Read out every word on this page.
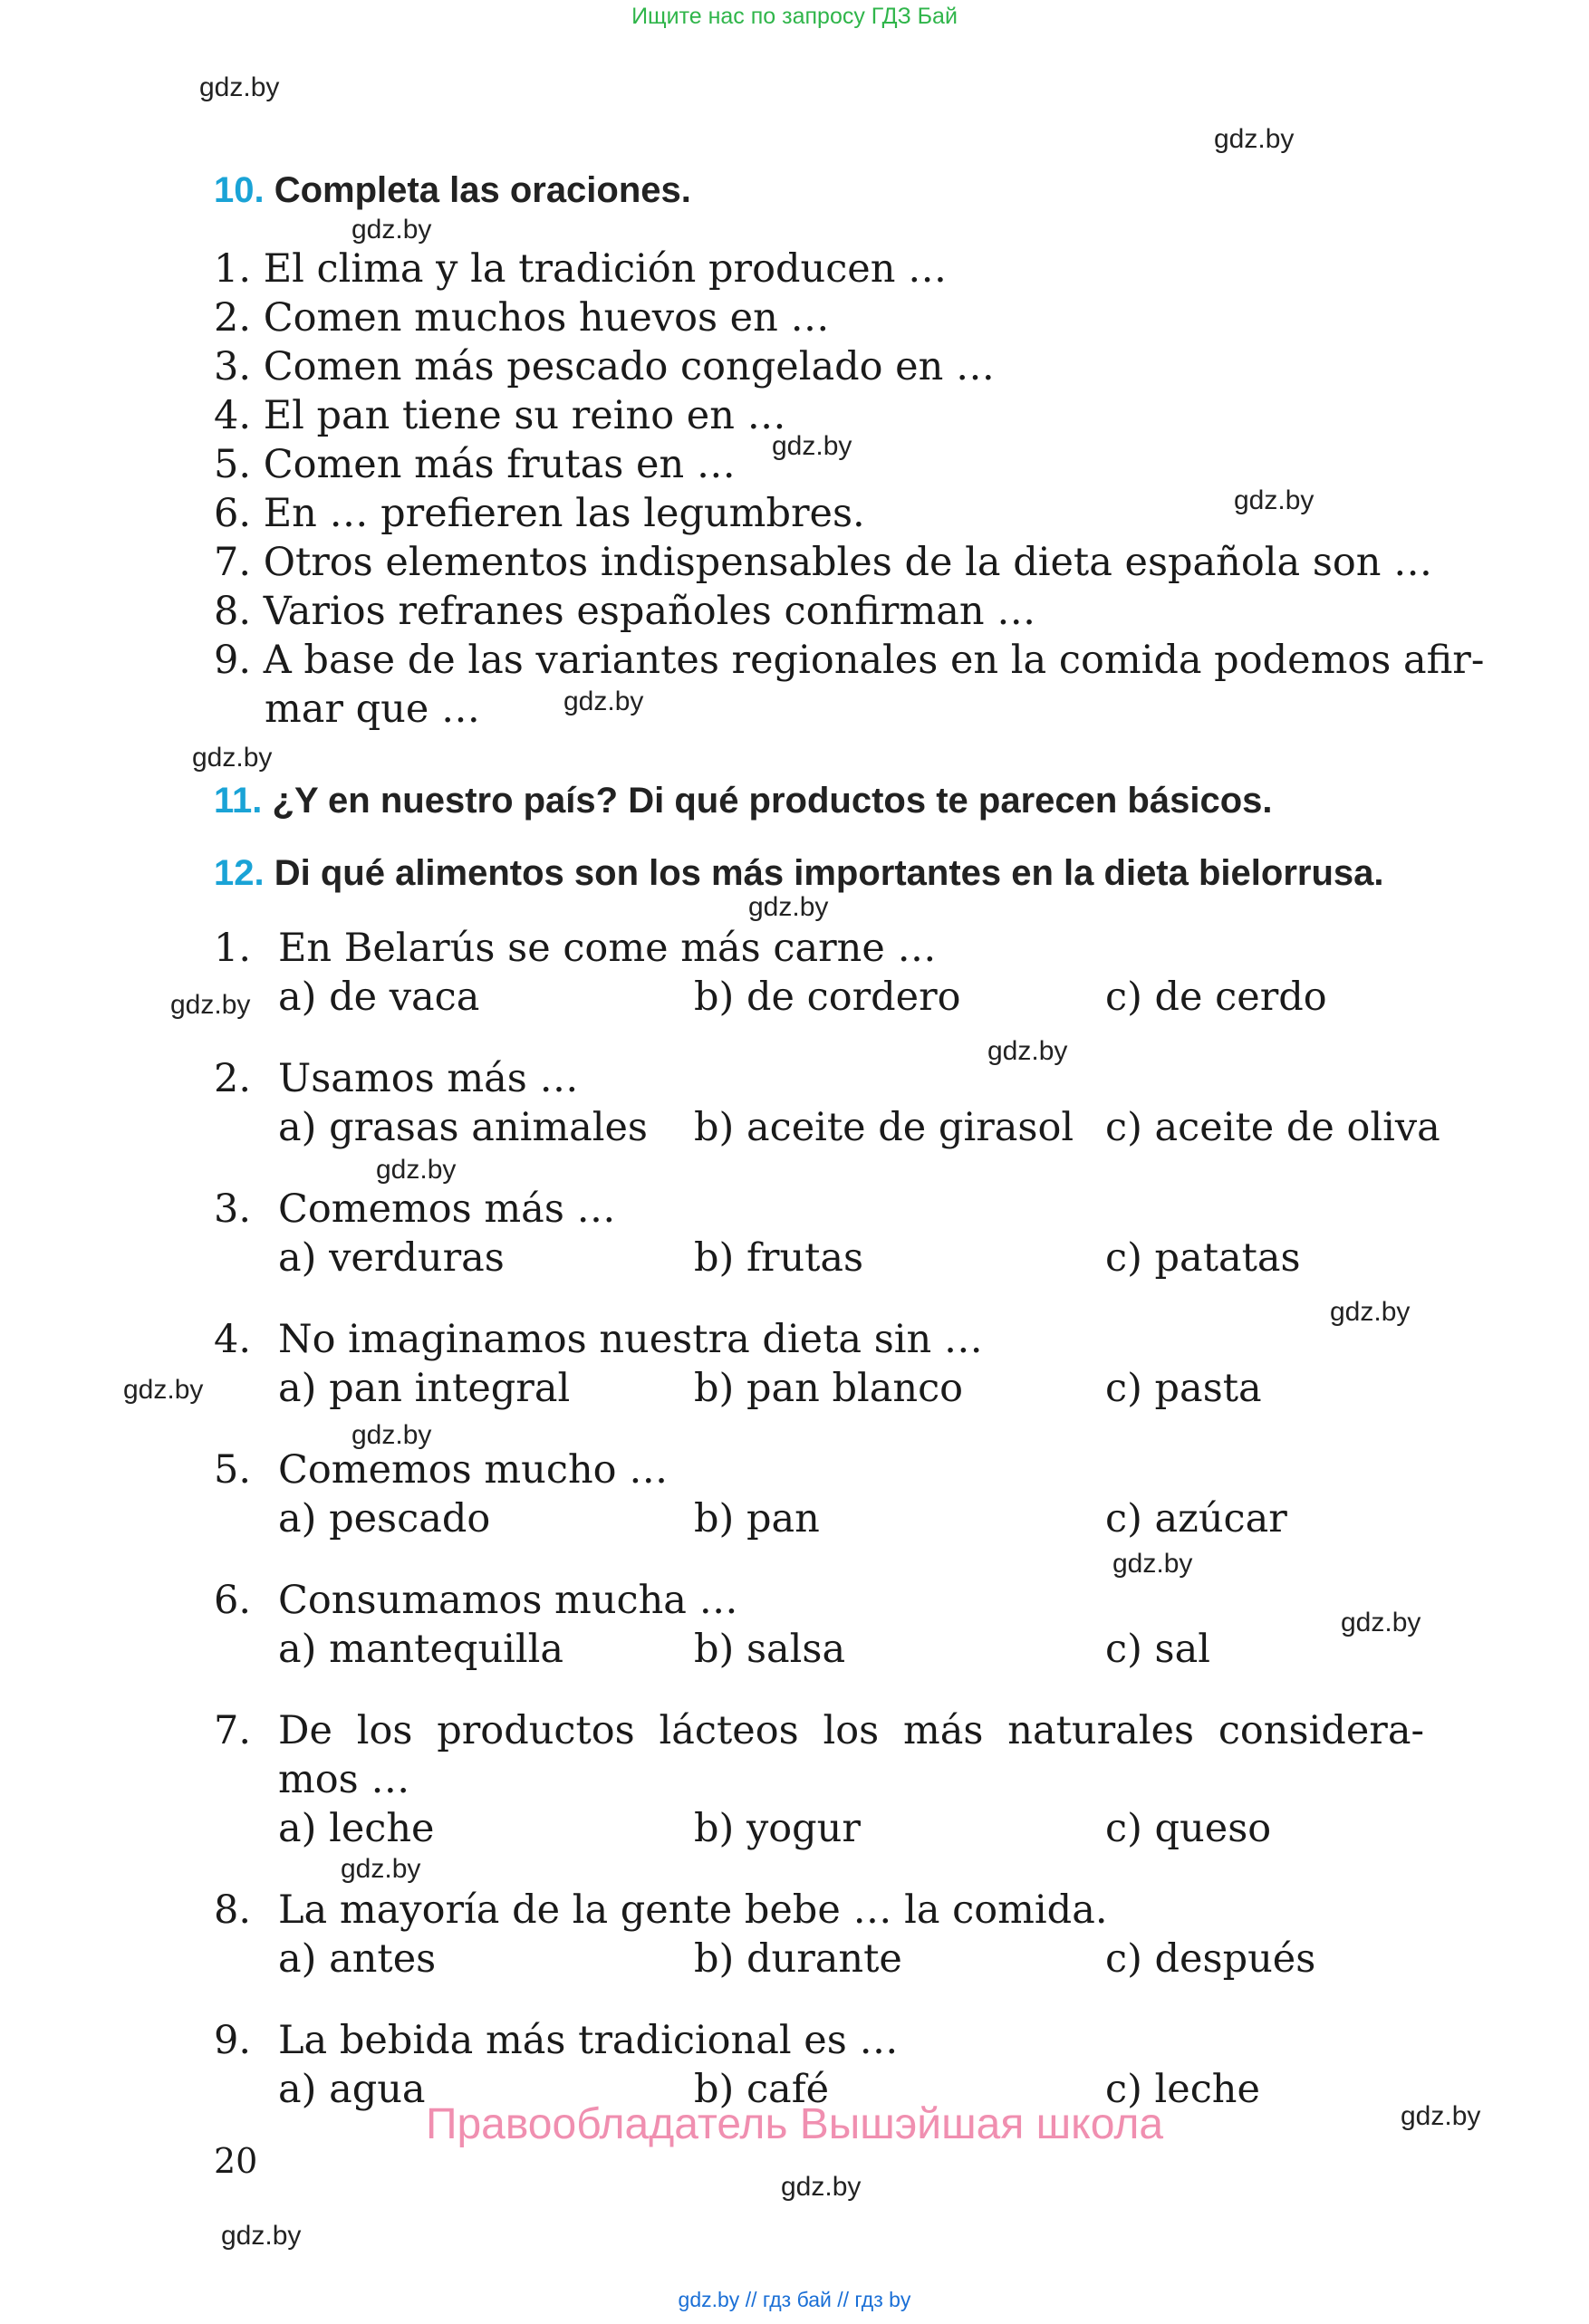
Ищите нас по запросу ГДЗ Бай
gdz.by
gdz.by
gdz.by
gdz.by
gdz.by
gdz.by
gdz.by
gdz.by
gdz.by
gdz.by
gdz.by
gdz.by
gdz.by
gdz.by
gdz.by
gdz.by
gdz.by
gdz.by
gdz.by
gdz.by
10. Completa las oraciones.
1. El clima y la tradición producen …
2. Comen muchos huevos en …
3. Comen más pescado congelado en …
4. El pan tiene su reino en …
5. Comen más frutas en …
6. En … prefieren las legumbres.
7. Otros elementos indispensables de la dieta española son …
8. Varios refranes españoles confirman …
9. A base de las variantes regionales en la comida podemos afir-
mar que …
11. ¿Y en nuestro país? Di qué productos te parecen básicos.
12. Di qué alimentos son los más importantes en la dieta bielorrusa.
1. En Belarús se come más carne …
a) de vaca	b) de cordero	c) de cerdo
2. Usamos más …
a) grasas animales b) aceite de girasol c) aceite de oliva
3. Comemos más …
a) verduras	b) frutas	c) patatas
4. No imaginamos nuestra dieta sin …
a) pan integral	b) pan blanco	c) pasta
5. Comemos mucho …
a) pescado	b) pan	c) azúcar
6. Consumamos mucha …
a) mantequilla	b) salsa	c) sal
7. De los productos lácteos los más naturales considera-
mos …
a) leche	b) yogur	c) queso
8. La mayoría de la gente bebe … la comida.
a) antes	b) durante	c) después
9. La bebida más tradicional es …
a) agua	b) café	c) leche
Правообладатель Вышэйшая школа
20
gdz.by // гдз бай // гдз by
